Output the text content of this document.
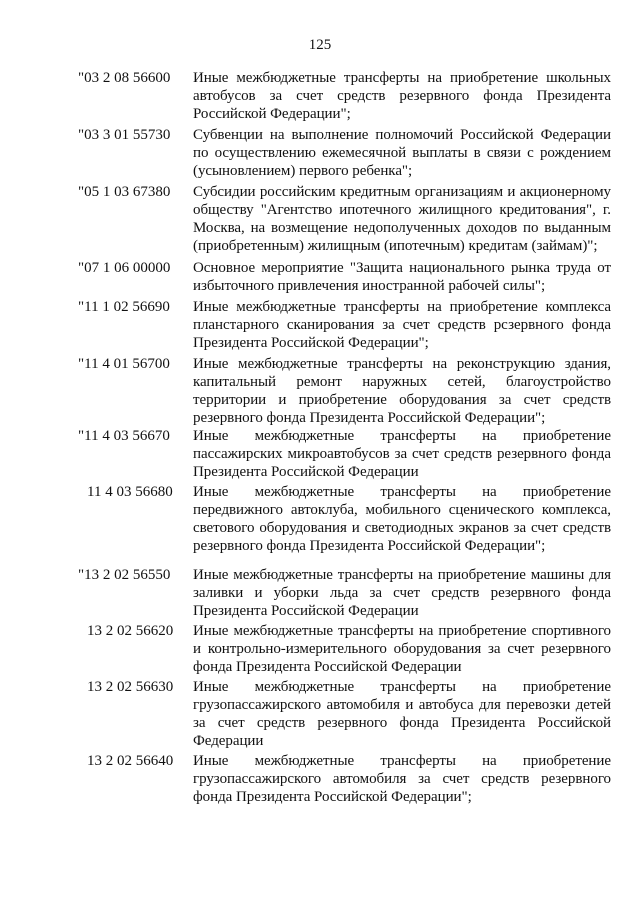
125
"03 2 08 56600	Иные межбюджетные трансферты на приобретение школьных автобусов за счет средств резервного фонда Президента Российской Федерации";
"03 3 01 55730	Субвенции на выполнение полномочий Российской Федерации по осуществлению ежемесячной выплаты в связи с рождением (усыновлением) первого ребенка";
"05 1 03 67380	Субсидии российским кредитным организациям и акционерному обществу "Агентство ипотечного жилищного кредитования", г. Москва, на возмещение недополученных доходов по выданным (приобретенным) жилищным (ипотечным) кредитам (займам)";
"07 1 06 00000	Основное мероприятие "Защита национального рынка труда от избыточного привлечения иностранной рабочей силы";
"11 1 02 56690	Иные межбюджетные трансферты на приобретение комплекса планстарного сканирования за счет средств рсзервного фонда Президента Российской Федерации";
"11 4 01 56700	Иные межбюджетные трансферты на реконструкцию здания, капитальный ремонт наружных сетей, благоустройство территории и приобретение оборудования за счет средств резервного фонда Президента Российской Федерации";
"11 4 03 56670	Иные межбюджетные трансферты на приобретение пассажирских микроавтобусов за счет средств резервного фонда Президента Российской Федерации
11 4 03 56680	Иные межбюджетные трансферты на приобретение передвижного автоклуба, мобильного сценического комплекса, светового оборудования и светодиодных экранов за счет средств резервного фонда Президента Российской Федерации";
"13 2 02 56550	Иные межбюджетные трансферты на приобретение машины для заливки и уборки льда за счет средств резервного фонда Президента Российской Федерации
13 2 02 56620	Иные межбюджетные трансферты на приобретение спортивного и контрольно-измерительного оборудования за счет резервного фонда Президента Российской Федерации
13 2 02 56630	Иные межбюджетные трансферты на приобретение грузопассажирского автомобиля и автобуса для перевозки детей за счет средств резервного фонда Президента Российской Федерации
13 2 02 56640	Иные межбюджетные трансферты на приобретение грузопассажирского автомобиля за счет средств резервного фонда Президента Российской Федерации";
